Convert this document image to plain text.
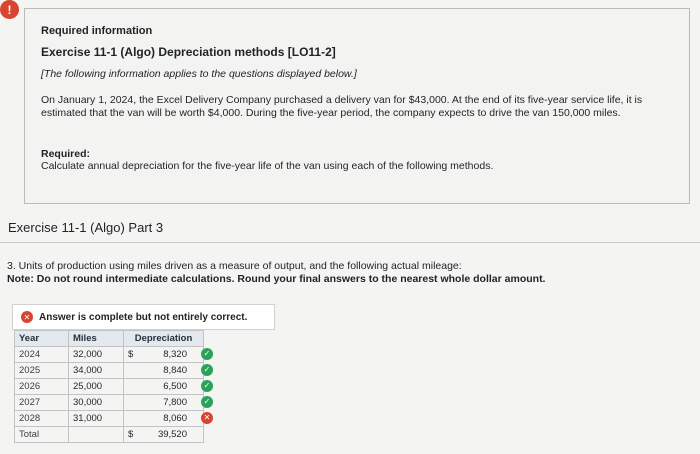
!
Required information
Exercise 11-1 (Algo) Depreciation methods [LO11-2]
[The following information applies to the questions displayed below.]
On January 1, 2024, the Excel Delivery Company purchased a delivery van for $43,000. At the end of its five-year service life, it is estimated that the van will be worth $4,000. During the five-year period, the company expects to drive the van 150,000 miles.
Required:
Calculate annual depreciation for the five-year life of the van using each of the following methods.
Exercise 11-1 (Algo) Part 3
3. Units of production using miles driven as a measure of output, and the following actual mileage:
Note: Do not round intermediate calculations. Round your final answers to the nearest whole dollar amount.
✕ Answer is complete but not entirely correct.
Year	Miles	Depreciation
2024	32,000	$ 8,320 ✓

2025	34,000	8,840 ✓

2026	25,000	6,500 ✓

2027	30,000	7,800 ✓

2028	31,000	8,060 ✕

Total		$ 39,520
